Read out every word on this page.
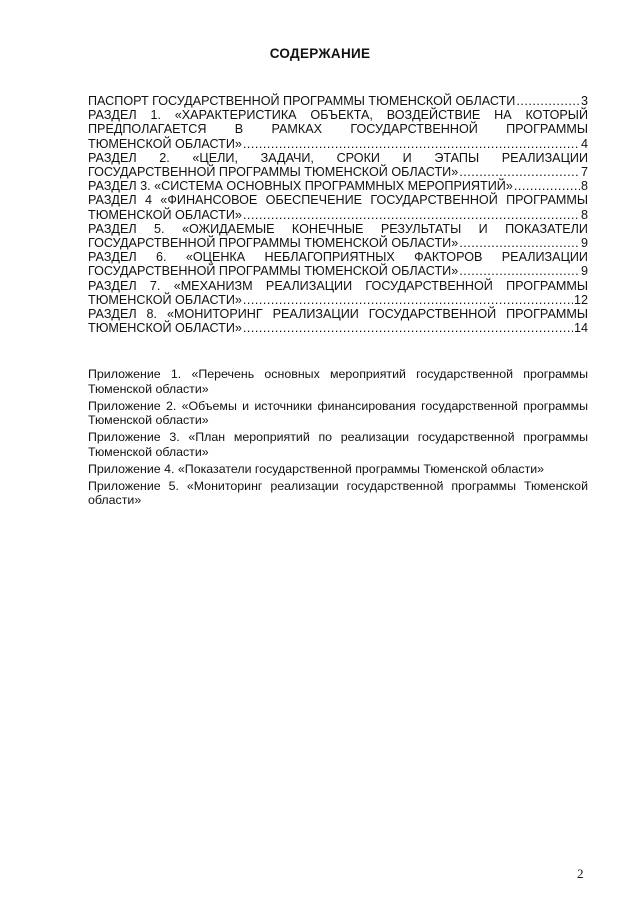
СОДЕРЖАНИЕ
ПАСПОРТ ГОСУДАРСТВЕННОЙ ПРОГРАММЫ ТЮМЕНСКОЙ ОБЛАСТИ .....	3
РАЗДЕЛ 1. «ХАРАКТЕРИСТИКА ОБЪЕКТА, ВОЗДЕЙСТВИЕ НА КОТОРЫЙ ПРЕДПОЛАГАЕТСЯ В РАМКАХ ГОСУДАРСТВЕННОЙ ПРОГРАММЫ
ТЮМЕНСКОЙ ОБЛАСТИ» .....	4
РАЗДЕЛ 2. «ЦЕЛИ, ЗАДАЧИ, СРОКИ И ЭТАПЫ РЕАЛИЗАЦИИ
ГОСУДАРСТВЕННОЙ ПРОГРАММЫ ТЮМЕНСКОЙ ОБЛАСТИ» .....	7
РАЗДЕЛ 3. «СИСТЕМА ОСНОВНЫХ ПРОГРАММНЫХ МЕРОПРИЯТИЙ» .....	8
РАЗДЕЛ 4 «ФИНАНСОВОЕ ОБЕСПЕЧЕНИЕ ГОСУДАРСТВЕННОЙ ПРОГРАММЫ
ТЮМЕНСКОЙ ОБЛАСТИ» .....	8
РАЗДЕЛ 5. «ОЖИДАЕМЫЕ КОНЕЧНЫЕ РЕЗУЛЬТАТЫ И ПОКАЗАТЕЛИ
ГОСУДАРСТВЕННОЙ ПРОГРАММЫ ТЮМЕНСКОЙ ОБЛАСТИ» .....	9
РАЗДЕЛ 6. «ОЦЕНКА НЕБЛАГОПРИЯТНЫХ ФАКТОРОВ РЕАЛИЗАЦИИ
ГОСУДАРСТВЕННОЙ ПРОГРАММЫ ТЮМЕНСКОЙ ОБЛАСТИ» .....	9
РАЗДЕЛ 7. «МЕХАНИЗМ РЕАЛИЗАЦИИ ГОСУДАРСТВЕННОЙ ПРОГРАММЫ
ТЮМЕНСКОЙ ОБЛАСТИ» .....	12
РАЗДЕЛ 8. «МОНИТОРИНГ РЕАЛИЗАЦИИ ГОСУДАРСТВЕННОЙ ПРОГРАММЫ
ТЮМЕНСКОЙ ОБЛАСТИ» .....	14
Приложение 1. «Перечень основных мероприятий государственной программы Тюменской области»
Приложение 2. «Объемы и источники финансирования государственной программы Тюменской области»
Приложение 3. «План мероприятий по реализации государственной программы Тюменской области»
Приложение 4. «Показатели государственной программы Тюменской области»
Приложение 5. «Мониторинг реализации государственной программы Тюменской области»
2
